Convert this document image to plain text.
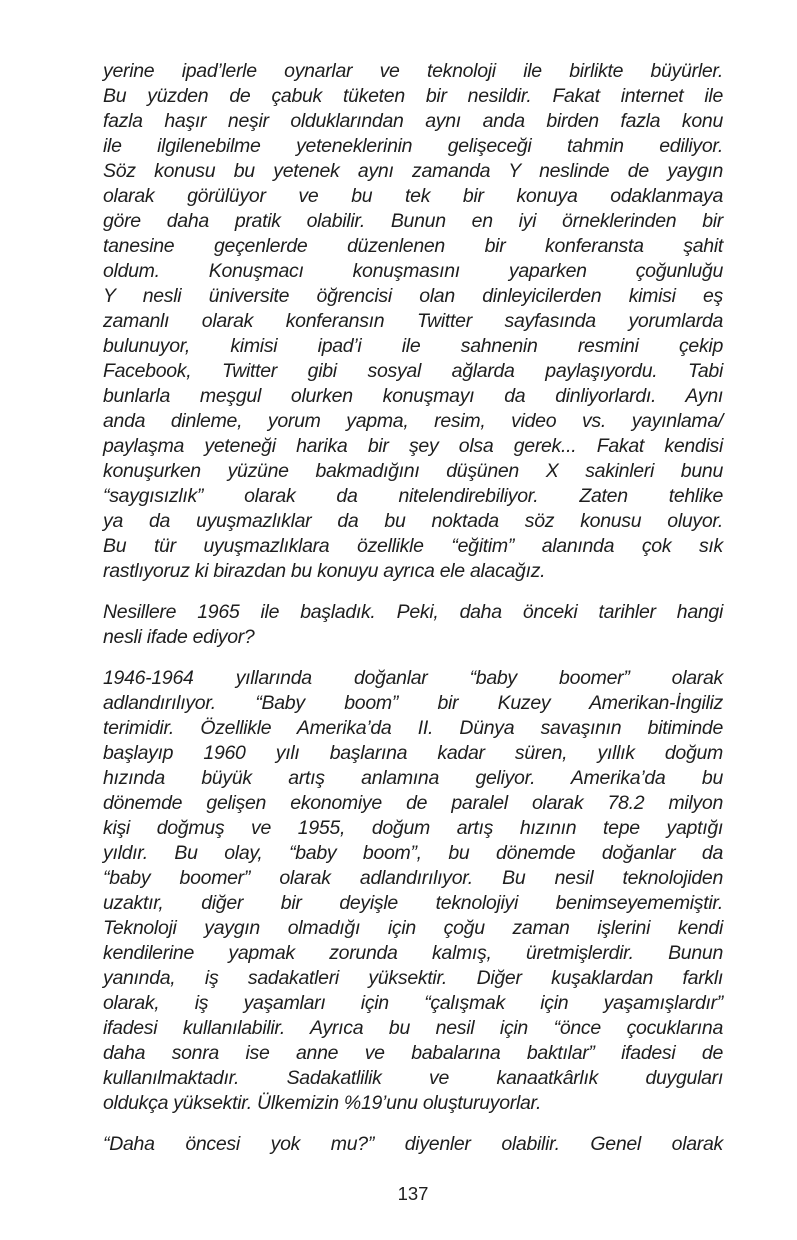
yerine ipad’lerle oynarlar ve teknoloji ile birlikte büyürler.
Bu yüzden de çabuk tüketen bir nesildir. Fakat internet ile
fazla haşır neşir olduklarından aynı anda birden fazla konu
ile ilgilenebilme yeteneklerinin gelişeceği tahmin ediliyor.
Söz konusu bu yetenek aynı zamanda Y neslinde de yaygın
olarak görülüyor ve bu tek bir konuya odaklanmaya
göre daha pratik olabilir. Bunun en iyi örneklerinden bir
tanesine geçenlerde düzenlenen bir konferansta şahit
oldum. Konuşmacı konuşmasını yaparken çoğunluğu
Y nesli üniversite öğrencisi olan dinleyicilerden kimisi eş
zamanlı olarak konferansın Twitter sayfasında yorumlarda
bulunuyor, kimisi ipad’i ile sahnenin resmini çekip
Facebook, Twitter gibi sosyal ağlarda paylaşıyordu. Tabi
bunlarla meşgul olurken konuşmayı da dinliyorlardı. Aynı
anda dinleme, yorum yapma, resim, video vs. yayınlama/
paylaşma yeteneği harika bir şey olsa gerek... Fakat kendisi
konuşurken yüzüne bakmadığını düşünen X sakinleri bunu
“saygısızlık” olarak da nitelendirebiliyor. Zaten tehlike
ya da uyuşmazlıklar da bu noktada söz konusu oluyor.
Bu tür uyuşmazlıklara özellikle “eğitim” alanında çok sık
rastlıyoruz ki birazdan bu konuyu ayrıca ele alacağız.
Nesillere 1965 ile başladık. Peki, daha önceki tarihler hangi
nesli ifade ediyor?
1946-1964 yıllarında doğanlar “baby boomer” olarak
adlandırılıyor. “Baby boom” bir Kuzey Amerikan-İngiliz
terimidir. Özellikle Amerika’da II. Dünya savaşının bitiminde
başlayıp 1960 yılı başlarına kadar süren, yıllık doğum
hızında büyük artış anlamına geliyor. Amerika’da bu
dönemde gelişen ekonomiye de paralel olarak 78.2 milyon
kişi doğmuş ve 1955, doğum artış hızının tepe yaptığı
yıldır. Bu olay, “baby boom”, bu dönemde doğanlar da
“baby boomer” olarak adlandırılıyor. Bu nesil teknolojiden
uzaktır, diğer bir deyişle teknolojiyi benimseyememiştir.
Teknoloji yaygın olmadığı için çoğu zaman işlerini kendi
kendilerine yapmak zorunda kalmış, üretmişlerdir. Bunun
yanında, iş sadakatleri yüksektir. Diğer kuşaklardan farklı
olarak, iş yaşamları için “çalışmak için yaşamışlardır”
ifadesi kullanılabilir. Ayrıca bu nesil için “önce çocuklarına
daha sonra ise anne ve babalarına baktılar” ifadesi de
kullanılmaktadır. Sadakatlilik ve kanaatkârlık duyguları
oldukça yüksektir. Ülkemizin %19’unu oluşturuyorlar.
“Daha öncesi yok mu?” diyenler olabilir. Genel olarak
137
